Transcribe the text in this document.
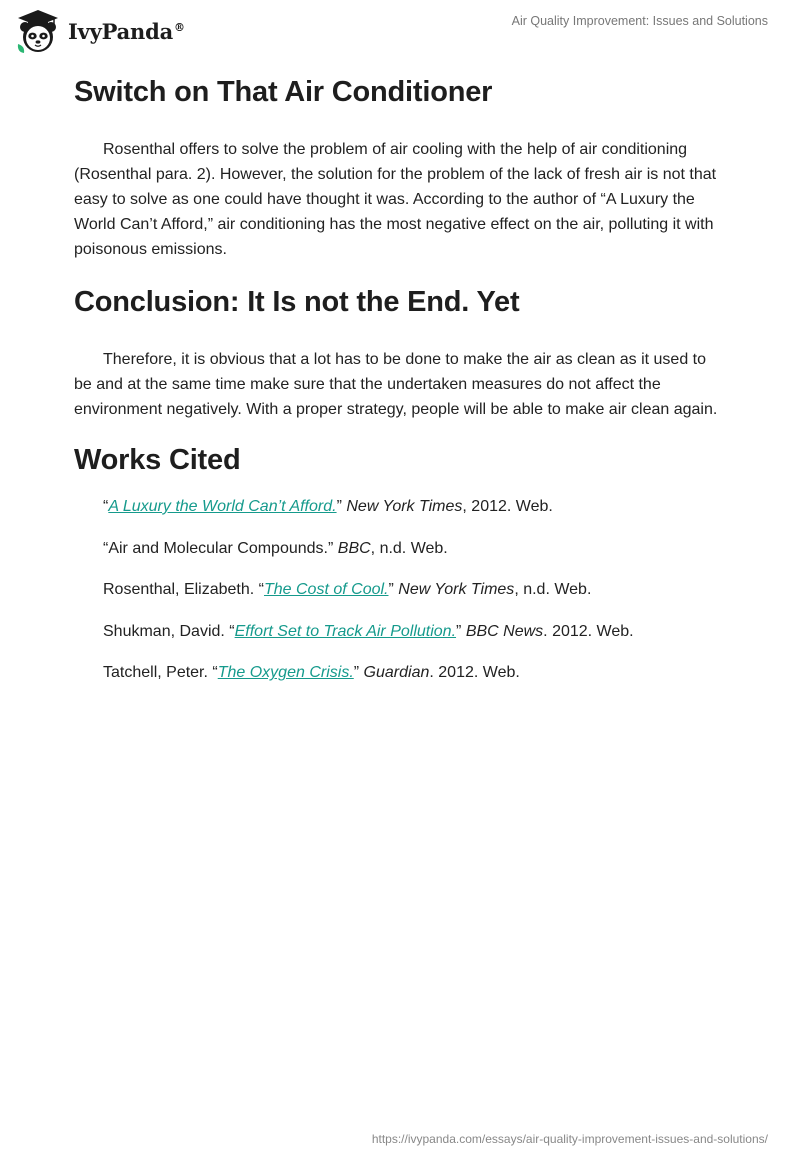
IvyPanda®	Air Quality Improvement: Issues and Solutions
Switch on That Air Conditioner

Rosenthal offers to solve the problem of air cooling with the help of air conditioning (Rosenthal para. 2). However, the solution for the problem of the lack of fresh air is not that easy to solve as one could have thought it was. According to the author of “A Luxury the World Can’t Afford,” air conditioning has the most negative effect on the air, polluting it with poisonous emissions.

Conclusion: It Is not the End. Yet

Therefore, it is obvious that a lot has to be done to make the air as clean as it used to be and at the same time make sure that the undertaken measures do not affect the environment negatively. With a proper strategy, people will be able to make air clean again.

Works Cited

“A Luxury the World Can’t Afford.” New York Times, 2012. Web.

“Air and Molecular Compounds.” BBC, n.d. Web.

Rosenthal, Elizabeth. “The Cost of Cool.” New York Times, n.d. Web.

Shukman, David. “Effort Set to Track Air Pollution.” BBC News. 2012. Web.

Tatchell, Peter. “The Oxygen Crisis.” Guardian. 2012. Web.

https://ivypanda.com/essays/air-quality-improvement-issues-and-solutions/
